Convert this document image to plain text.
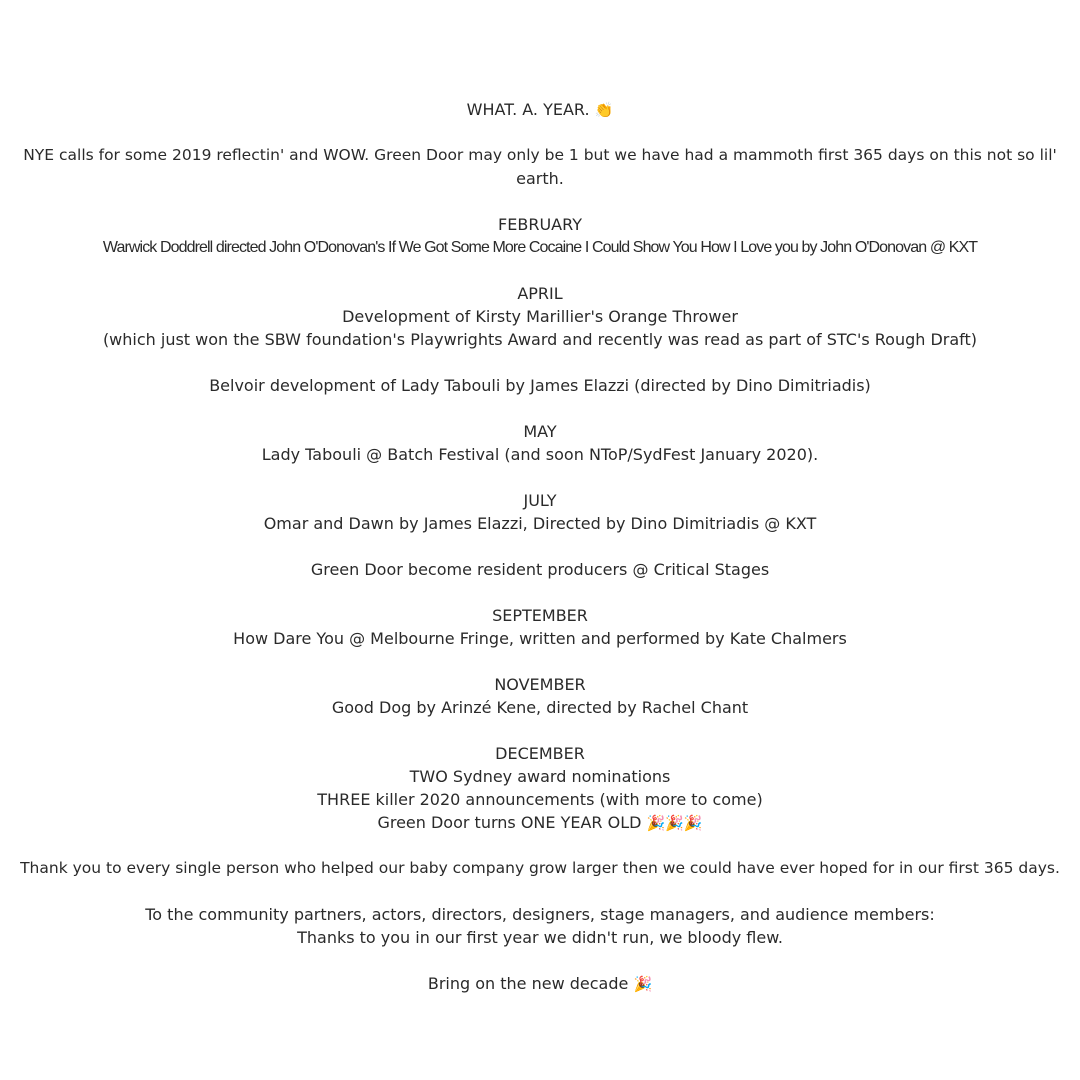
WHAT. A. YEAR. 👏
NYE calls for some 2019 reflectin' and WOW. Green Door may only be 1 but we have had a mammoth first 365 days on this not so lil'
earth.
FEBRUARY
Warwick Doddrell directed John O'Donovan's If We Got Some More Cocaine I Could Show You How I Love you by John O'Donovan @ KXT
APRIL
Development of Kirsty Marillier's Orange Thrower
(which just won the SBW foundation's Playwrights Award and recently was read as part of STC's Rough Draft)
Belvoir development of Lady Tabouli by James Elazzi (directed by Dino Dimitriadis)
MAY
Lady Tabouli @ Batch Festival (and soon NToP/SydFest January 2020).
JULY
Omar and Dawn by James Elazzi, Directed by Dino Dimitriadis @ KXT
Green Door become resident producers @ Critical Stages
SEPTEMBER
How Dare You @ Melbourne Fringe, written and performed by Kate Chalmers
NOVEMBER
Good Dog by Arinzé Kene, directed by Rachel Chant
DECEMBER
TWO Sydney award nominations
THREE killer 2020 announcements (with more to come)
Green Door turns ONE YEAR OLD 🎉🎉🎉
Thank you to every single person who helped our baby company grow larger then we could have ever hoped for in our first 365 days.
To the community partners, actors, directors, designers, stage managers, and audience members:
Thanks to you in our first year we didn't run, we bloody flew.
Bring on the new decade 🎉
